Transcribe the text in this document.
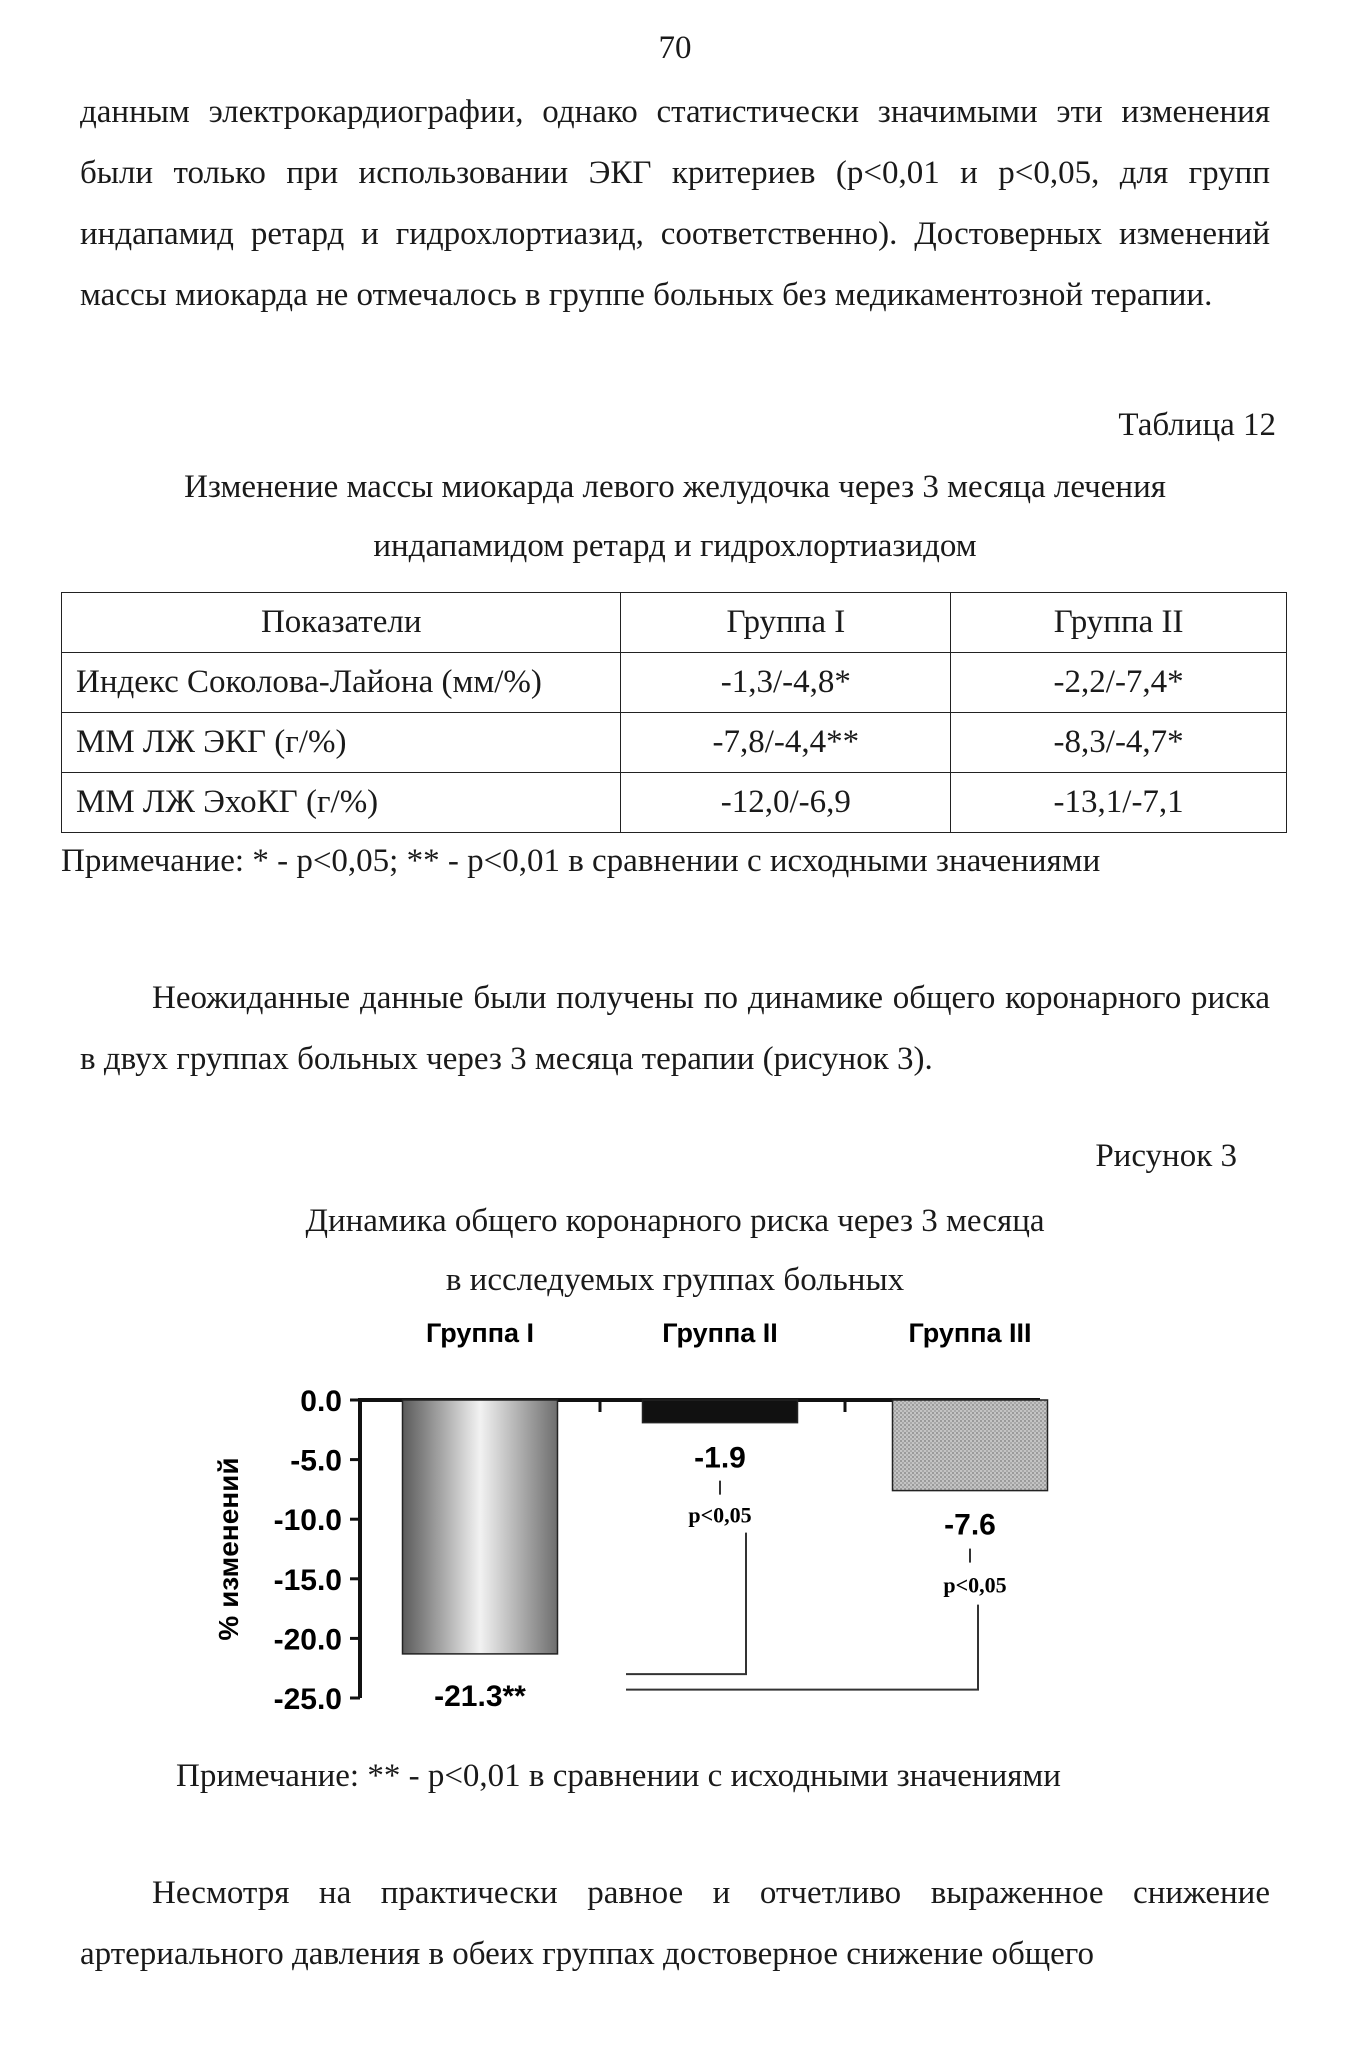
70
данным электрокардиографии, однако статистически значимыми эти изменения были только при использовании ЭКГ критериев (p<0,01 и p<0,05, для групп индапамид ретард и гидрохлортиазид, соответственно). Достоверных изменений массы миокарда не отмечалось в группе больных без медикаментозной терапии.
Таблица 12
Изменение массы миокарда левого желудочка через 3 месяца лечения
индапамидом ретард и гидрохлортиазидом
Показатели	Группа I	Группа II
Индекс Соколова-Лайона (мм/%)	-1,3/-4,8*	-2,2/-7,4*
ММ ЛЖ ЭКГ (г/%)	-7,8/-4,4**	-8,3/-4,7*
ММ ЛЖ ЭхоКГ (г/%)	-12,0/-6,9	-13,1/-7,1
Примечание: * - p<0,05; ** - p<0,01 в сравнении с исходными значениями
Неожиданные данные были получены по динамике общего коронарного риска в двух группах больных через 3 месяца терапии (рисунок 3).
Рисунок 3
Динамика общего коронарного риска через 3 месяца
в исследуемых группах больных
% изменений
0.0
-5.0
-10.0
-15.0
-20.0
-25.0
Группа I	Группа II	Группа III
-21.3**
-1.9
-7.6
p<0,05
p<0,05
Примечание: ** - p<0,01 в сравнении с исходными значениями
Несмотря на практически равное и отчетливо выраженное снижение артериального давления в обеих группах достоверное снижение общего
